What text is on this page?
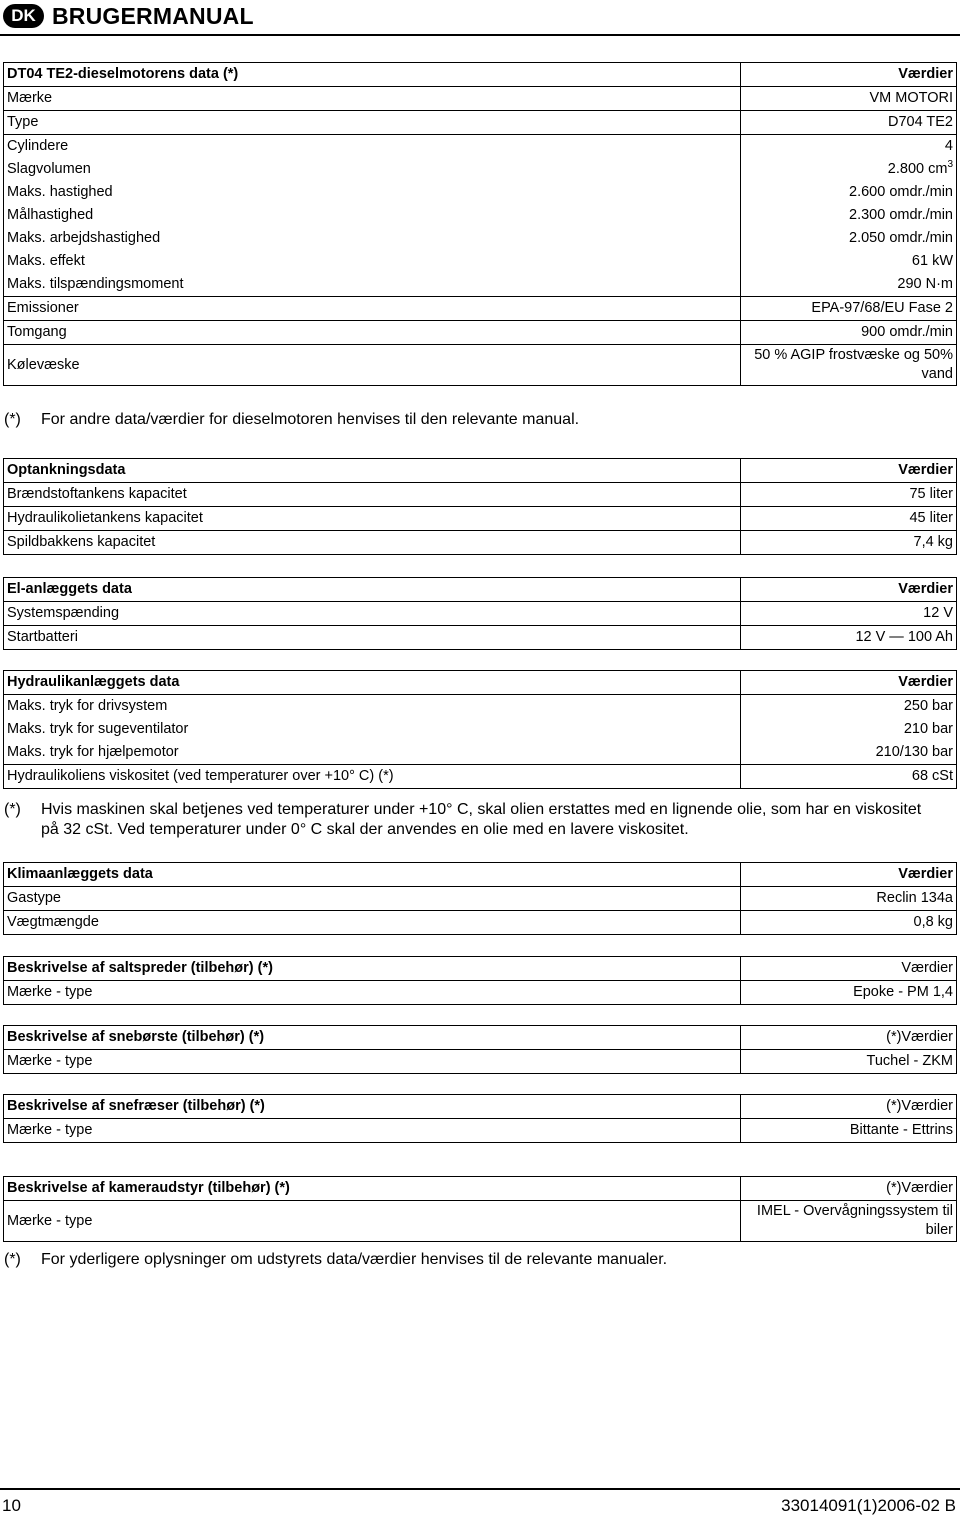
DK BRUGERMANUAL
DT04 TE2-dieselmotorens data (*)	Værdier
Mærke	VM MOTORI
Type	D704 TE2
Cylindere	4
Slagvolumen	2.800 $cm^3$
Maks. hastighed	2.600 omdr./min
Målhastighed	2.300 omdr./min
Maks. arbejdshastighed	2.050 omdr./min
Maks. effekt	61 kW
Maks. tilspændingsmoment	290 N·m
Emissioner	EPA-97/68/EU Fase 2
Tomgang	900 omdr./min
Kølevæske	50 % AGIP frostvæske og 50% vand
(*) For andre data/værdier for dieselmotoren henvises til den relevante manual.
Optankningsdata	Værdier
Brændstoftankens kapacitet	75 liter
Hydraulikolietankens kapacitet	45 liter
Spildbakkens kapacitet	7,4 kg
El-anlæggets data	Værdier
Systemspænding	12 V
Startbatteri	12 V — 100 Ah
Hydraulikanlæggets data	Værdier
Maks. tryk for drivsystem	250 bar
Maks. tryk for sugeventilator	210 bar
Maks. tryk for hjælpemotor	210/130 bar
Hydraulikoliens viskositet (ved temperaturer over +10° C) (*)	68 cSt
(*) Hvis maskinen skal betjenes ved temperaturer under +10° C, skal olien erstattes med en lignende olie, som har en viskositet på 32 cSt. Ved temperaturer under 0° C skal der anvendes en olie med en lavere viskositet.
Klimaanlæggets data	Værdier
Gastype	Reclin 134a
Vægtmængde	0,8 kg
Beskrivelse af saltspreder (tilbehør) (*)	Værdier
Mærke - type	Epoke - PM 1,4
Beskrivelse af snebørste (tilbehør) (*)	(*)Værdier
Mærke - type	Tuchel - ZKM
Beskrivelse af snefræser (tilbehør) (*)	(*)Værdier
Mærke - type	Bittante - Ettrins
Beskrivelse af kameraudstyr (tilbehør) (*)	(*)Værdier
Mærke - type	IMEL - Overvågningssystem til biler
(*) For yderligere oplysninger om udstyrets data/værdier henvises til de relevante manualer.
10	33014091(1)2006-02 B
